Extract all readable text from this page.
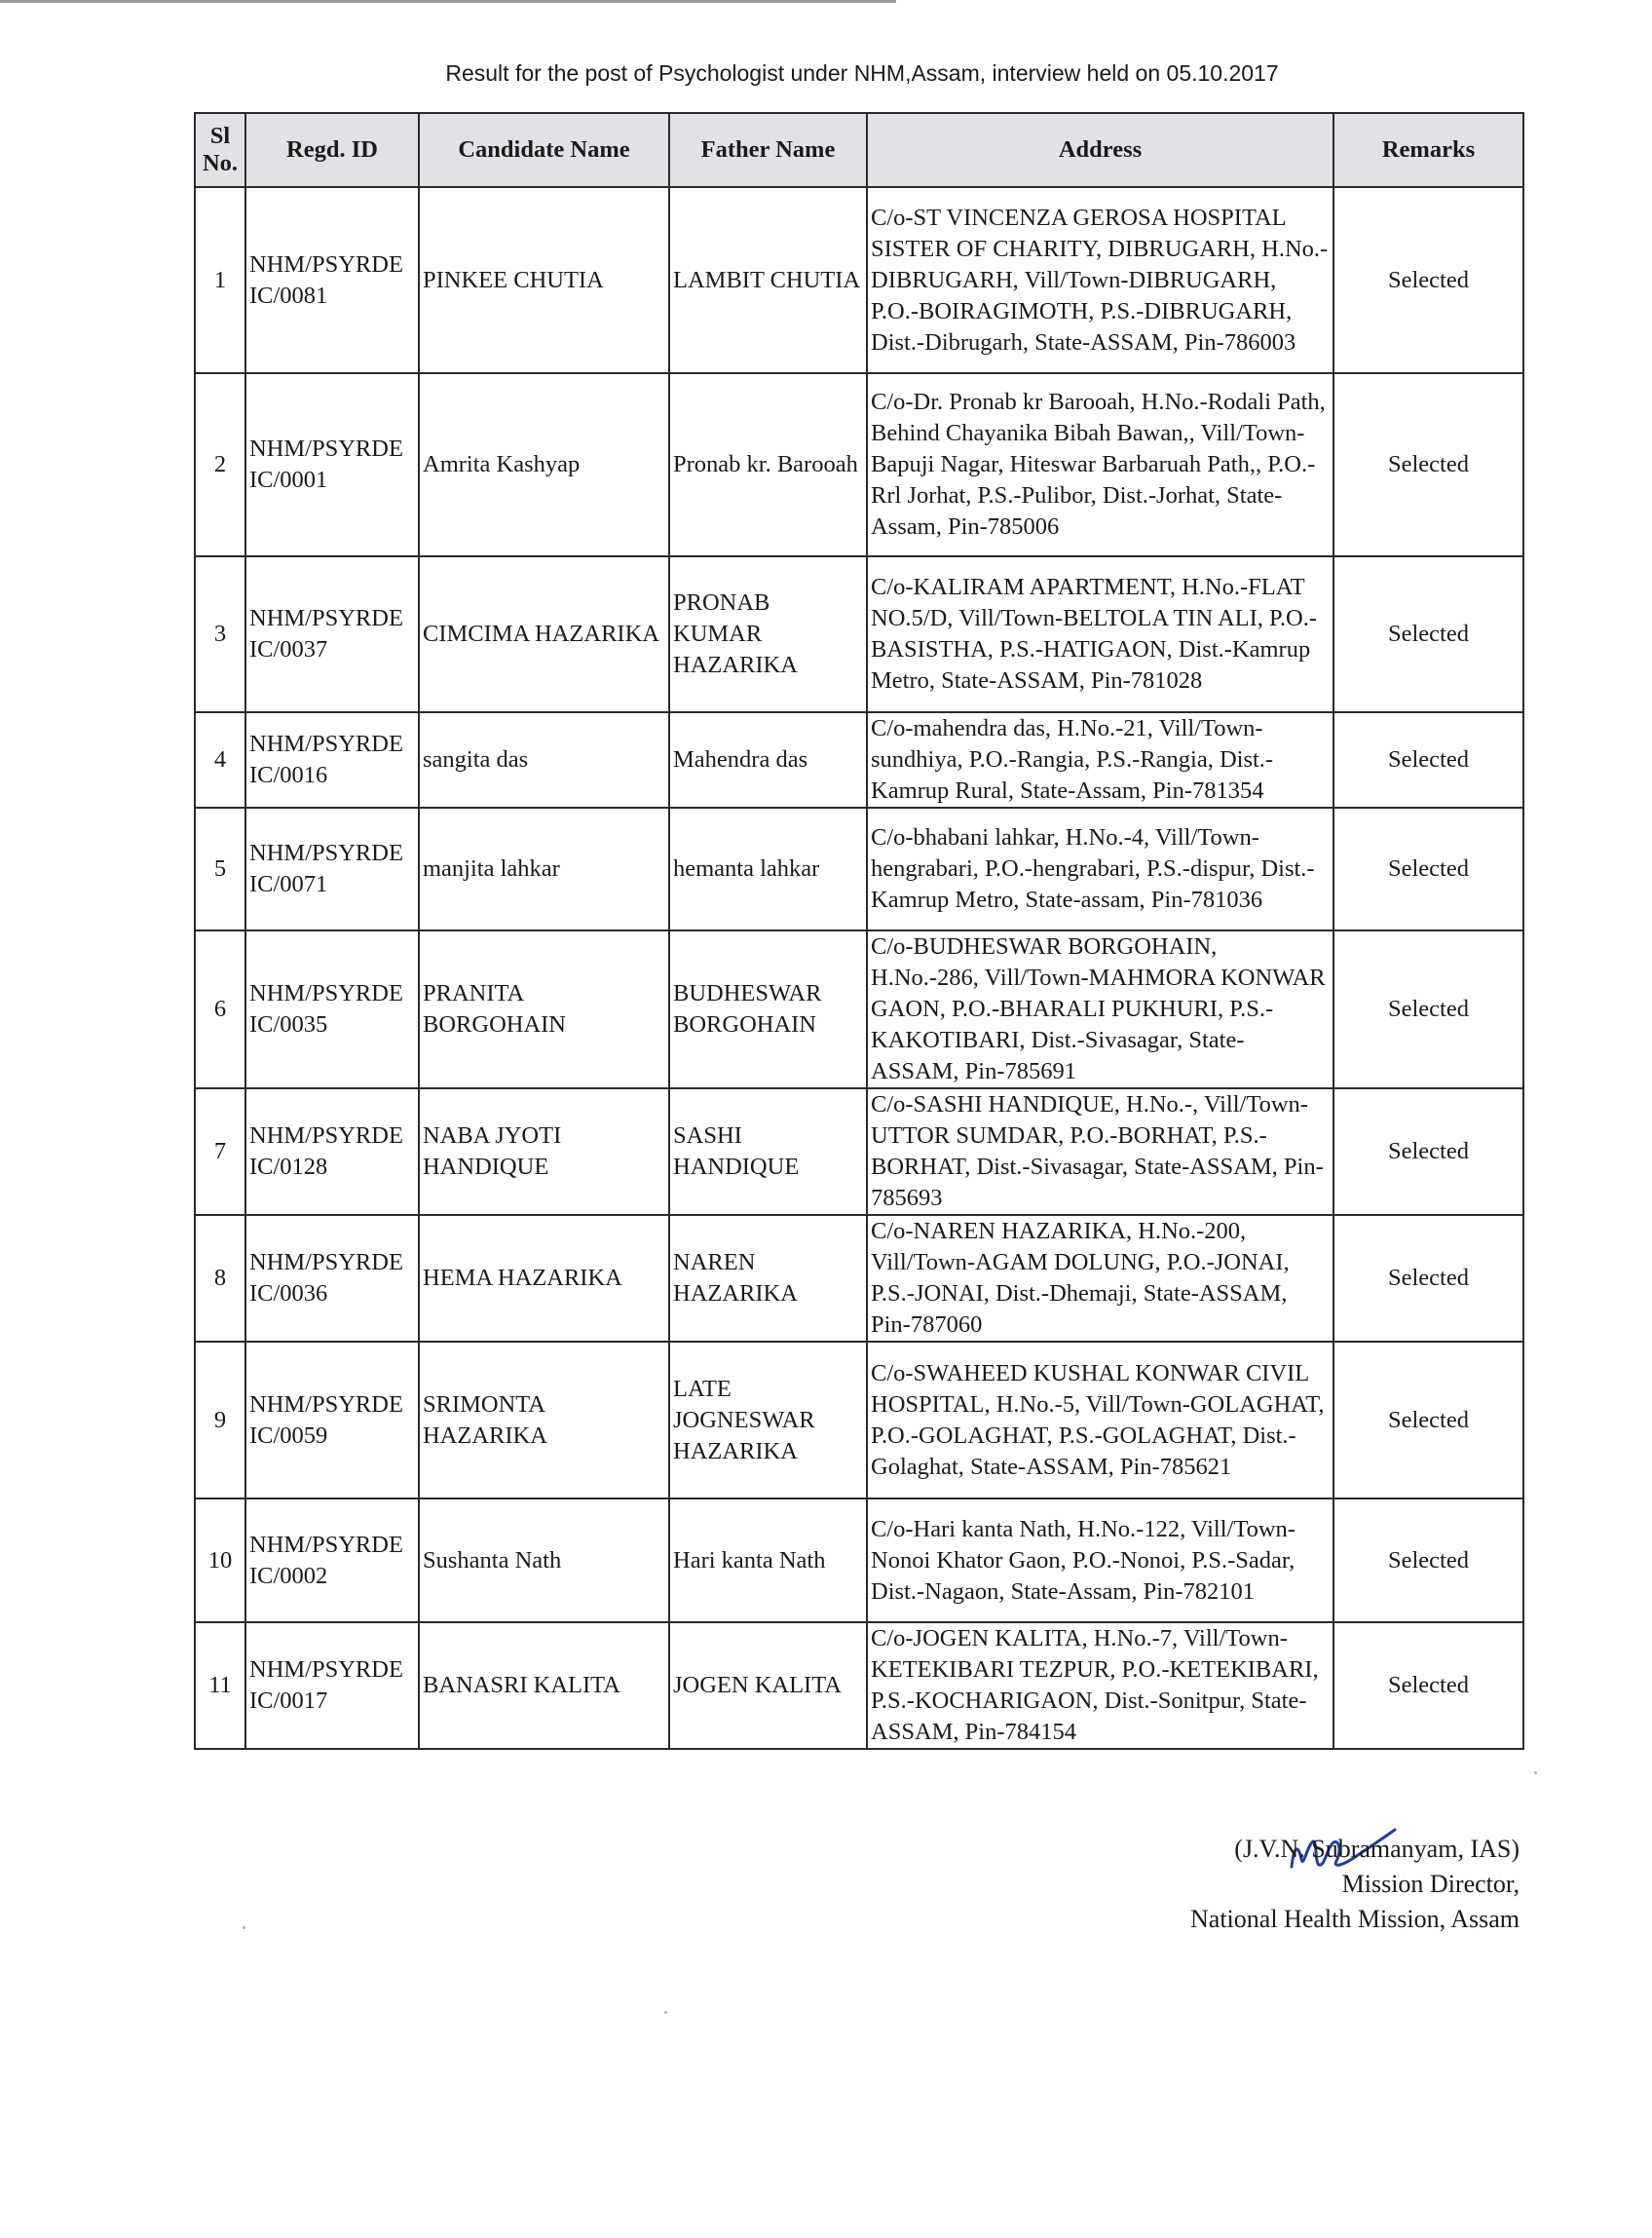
Result for the post of Psychologist under NHM,Assam, interview held on 05.10.2017
Sl No.	Regd. ID	Candidate Name	Father Name	Address	Remarks
1	NHM/PSYRDE IC/0081	PINKEE CHUTIA	LAMBIT CHUTIA	C/o-ST VINCENZA GEROSA HOSPITAL SISTER OF CHARITY, DIBRUGARH, H.No.-DIBRUGARH, Vill/Town-DIBRUGARH, P.O.-BOIRAGIMOTH, P.S.-DIBRUGARH, Dist.-Dibrugarh, State-ASSAM, Pin-786003	Selected
2	NHM/PSYRDE IC/0001	Amrita Kashyap	Pronab kr. Barooah	C/o-Dr. Pronab kr Barooah, H.No.-Rodali Path, Behind Chayanika Bibah Bawan,, Vill/Town-Bapuji Nagar, Hiteswar Barbaruah Path,, P.O.-Rrl Jorhat, P.S.-Pulibor, Dist.-Jorhat, State-Assam, Pin-785006	Selected
3	NHM/PSYRDE IC/0037	CIMCIMA HAZARIKA	PRONAB KUMAR HAZARIKA	C/o-KALIRAM APARTMENT, H.No.-FLAT NO.5/D, Vill/Town-BELTOLA TIN ALI, P.O.-BASISTHA, P.S.-HATIGAON, Dist.-Kamrup Metro, State-ASSAM, Pin-781028	Selected
4	NHM/PSYRDE IC/0016	sangita das	Mahendra das	C/o-mahendra das, H.No.-21, Vill/Town-sundhiya, P.O.-Rangia, P.S.-Rangia, Dist.-Kamrup Rural, State-Assam, Pin-781354	Selected
5	NHM/PSYRDE IC/0071	manjita lahkar	hemanta lahkar	C/o-bhabani lahkar, H.No.-4, Vill/Town-hengrabari, P.O.-hengrabari, P.S.-dispur, Dist.-Kamrup Metro, State-assam, Pin-781036	Selected
6	NHM/PSYRDE IC/0035	PRANITA BORGOHAIN	BUDHESWAR BORGOHAIN	C/o-BUDHESWAR BORGOHAIN, H.No.-286, Vill/Town-MAHMORA KONWAR GAON, P.O.-BHARALI PUKHURI, P.S.-KAKOTIBARI, Dist.-Sivasagar, State-ASSAM, Pin-785691	Selected
7	NHM/PSYRDE IC/0128	NABA JYOTI HANDIQUE	SASHI HANDIQUE	C/o-SASHI HANDIQUE, H.No.-, Vill/Town-UTTOR SUMDAR, P.O.-BORHAT, P.S.-BORHAT, Dist.-Sivasagar, State-ASSAM, Pin-785693	Selected
8	NHM/PSYRDE IC/0036	HEMA HAZARIKA	NAREN HAZARIKA	C/o-NAREN HAZARIKA, H.No.-200, Vill/Town-AGAM DOLUNG, P.O.-JONAI, P.S.-JONAI, Dist.-Dhemaji, State-ASSAM, Pin-787060	Selected
9	NHM/PSYRDE IC/0059	SRIMONTA HAZARIKA	LATE JOGNESWAR HAZARIKA	C/o-SWAHEED KUSHAL KONWAR CIVIL HOSPITAL, H.No.-5, Vill/Town-GOLAGHAT, P.O.-GOLAGHAT, P.S.-GOLAGHAT, Dist.-Golaghat, State-ASSAM, Pin-785621	Selected
10	NHM/PSYRDE IC/0002	Sushanta Nath	Hari kanta Nath	C/o-Hari kanta Nath, H.No.-122, Vill/Town-Nonoi Khator Gaon, P.O.-Nonoi, P.S.-Sadar, Dist.-Nagaon, State-Assam, Pin-782101	Selected
11	NHM/PSYRDE IC/0017	BANASRI KALITA	JOGEN KALITA	C/o-JOGEN KALITA, H.No.-7, Vill/Town-KETEKIBARI TEZPUR, P.O.-KETEKIBARI, P.S.-KOCHARIGAON, Dist.-Sonitpur, State-ASSAM, Pin-784154	Selected
(J.V.N. Subramanyam, IAS)
Mission Director,
National Health Mission, Assam
